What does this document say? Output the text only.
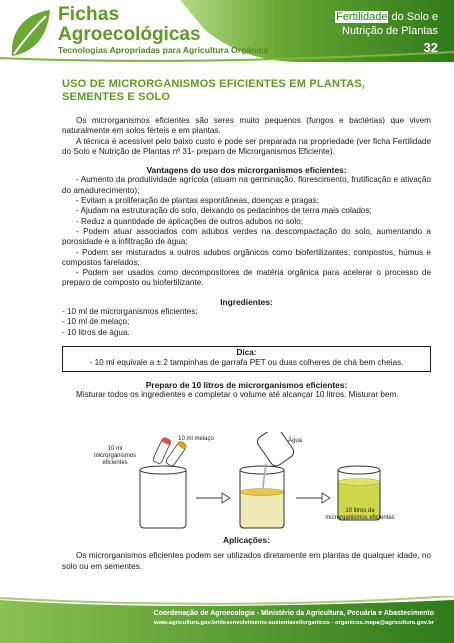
Fichas
Agroecológicas
Tecnologias Apropriadas para Agricultura Orgânica
Fertilidade do Solo e
Nutrição de Plantas
32
USO DE MICRORGANISMOS EFICIENTES EM PLANTAS,
SEMENTES E SOLO

Os microrganismos eficientes são seres muito pequenos (fungos e bactérias) que vivem naturalmente em solos férteis e em plantas.

A técnica é acessível pelo baixo custo e pode ser preparada na propriedade (ver ficha Fertilidade do Solo e Nutrição de Plantas nº 31- preparo de Microrganismos Eficiente).

Vantagens do uso dos microrganismos eficientes:

- Aumento da produtividade agrícola (atuam na germinação, florescimento, frutificação e ativação do amadurecimento);

- Evitam a proliferação de plantas espontâneas, doenças e pragas;

- Ajudam na estruturação do solo, deixando os pedacinhos de terra mais colados;

- Reduz a quantidade de aplicações de outros adubos no solo;

- Podem atuar associados com adubos verdes na descompactação do solo, aumentando a porosidade e a infiltração de água;

- Podem ser misturados a outros adubos orgânicos como biofertilizantes, compostos, húmus e compostos farelados;

- Podem ser usados como decompositores de matéria orgânica para acelerar o processo de preparo de composto ou biofertilizante.

Ingredientes:

- 10 ml de microrganismos eficientes;

- 10 ml de melaço;

- 10 litros de água.

Dica:

- 10 ml equivale a ± 2 tampinhas de garrafa PET ou duas colheres de chá bem cheias.

Preparo de 10 litros de microrganismos eficientes:

Misturar todos os ingredientes e completar o volume até alcançar 10 litros. Misturar bem.

10 ml
microrganismos
eficientes
10 ml melaço	Água
10 litros de
microrganismos eficientes

Aplicações:

Os microrganismos eficientes podem ser utilizados diretamente em plantas de qualquer idade, no solo ou em sementes.

Coordenação de Agroecologia - Ministério da Agricultura, Pecuária e Abastecimento
www.agricultura.gov.br/desenvolvimento-sustentavel/organicos - organicos.mapa@agricultura.gov.br
